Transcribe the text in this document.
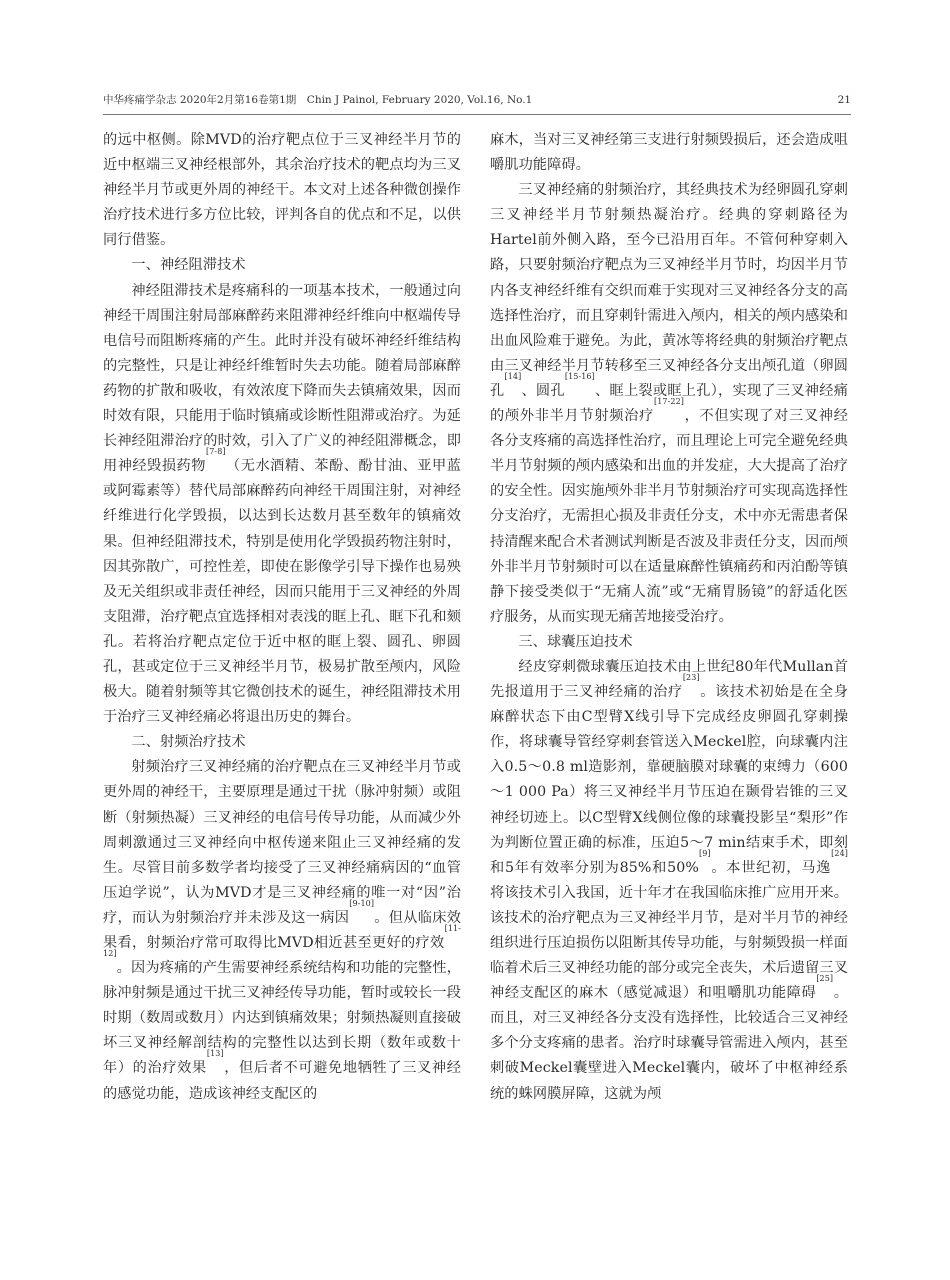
中华疼痛学杂志 2020年2月第16卷第1期　Chin J Painol, February 2020, Vol.16, No.1	21

的远中枢侧。除MVD的治疗靶点位于三叉神经半月节的近中枢端三叉神经根部外，其余治疗技术的靶点均为三叉神经半月节或更外周的神经干。本文对上述各种微创操作治疗技术进行多方位比较，评判各自的优点和不足，以供同行借鉴。

一、神经阻滞技术

神经阻滞技术是疼痛科的一项基本技术，一般通过向神经干周围注射局部麻醉药来阻滞神经纤维向中枢端传导电信号而阻断疼痛的产生。此时并没有破坏神经纤维结构的完整性，只是让神经纤维暂时失去功能。随着局部麻醉药物的扩散和吸收，有效浓度下降而失去镇痛效果，因而时效有限，只能用于临时镇痛或诊断性阻滞或治疗。为延长神经阻滞治疗的时效，引入了广义的神经阻滞概念，即用神经毁损药物[7-8]（无水酒精、苯酚、酚甘油、亚甲蓝或阿霉素等）替代局部麻醉药向神经干周围注射，对神经纤维进行化学毁损，以达到长达数月甚至数年的镇痛效果。但神经阻滞技术，特别是使用化学毁损药物注射时，因其弥散广，可控性差，即使在影像学引导下操作也易殃及无关组织或非责任神经，因而只能用于三叉神经的外周支阻滞，治疗靶点宜选择相对表浅的眶上孔、眶下孔和颏孔。若将治疗靶点定位于近中枢的眶上裂、圆孔、卵圆孔，甚或定位于三叉神经半月节，极易扩散至颅内，风险极大。随着射频等其它微创技术的诞生，神经阻滞技术用于治疗三叉神经痛必将退出历史的舞台。

二、射频治疗技术

射频治疗三叉神经痛的治疗靶点在三叉神经半月节或更外周的神经干，主要原理是通过干扰（脉冲射频）或阻断（射频热凝）三叉神经的电信号传导功能，从而减少外周刺激通过三叉神经向中枢传递来阻止三叉神经痛的发生。尽管目前多数学者均接受了三叉神经痛病因的“血管压迫学说”，认为MVD才是三叉神经痛的唯一对“因”治疗，而认为射频治疗并未涉及这一病因[9-10]。但从临床效果看，射频治疗常可取得比MVD相近甚至更好的疗效[11-12]。因为疼痛的产生需要神经系统结构和功能的完整性，脉冲射频是通过干扰三叉神经传导功能，暂时或较长一段时期（数周或数月）内达到镇痛效果；射频热凝则直接破坏三叉神经解剖结构的完整性以达到长期（数年或数十年）的治疗效果[13]，但后者不可避免地牺牲了三叉神经的感觉功能，造成该神经支配区的

麻木，当对三叉神经第三支进行射频毁损后，还会造成咀嚼肌功能障碍。

三叉神经痛的射频治疗，其经典技术为经卵圆孔穿刺三叉神经半月节射频热凝治疗。经典的穿刺路径为Hartel前外侧入路，至今已沿用百年。不管何种穿刺入路，只要射频治疗靶点为三叉神经半月节时，均因半月节内各支神经纤维有交织而难于实现对三叉神经各分支的高选择性治疗，而且穿刺针需进入颅内，相关的颅内感染和出血风险难于避免。为此，黄冰等将经典的射频治疗靶点由三叉神经半月节转移至三叉神经各分支出颅孔道（卵圆孔[14]、圆孔[15-16]、眶上裂或眶上孔），实现了三叉神经痛的颅外非半月节射频治疗[17-22]，不但实现了对三叉神经各分支疼痛的高选择性治疗，而且理论上可完全避免经典半月节射频的颅内感染和出血的并发症，大大提高了治疗的安全性。因实施颅外非半月节射频治疗可实现高选择性分支治疗，无需担心损及非责任分支，术中亦无需患者保持清醒来配合术者测试判断是否波及非责任分支，因而颅外非半月节射频时可以在适量麻醉性镇痛药和丙泊酚等镇静下接受类似于“无痛人流”或“无痛胃肠镜”的舒适化医疗服务，从而实现无痛苦地接受治疗。

三、球囊压迫技术

经皮穿刺微球囊压迫技术由上世纪80年代Mullan首先报道用于三叉神经痛的治疗[23]。该技术初始是在全身麻醉状态下由C型臂X线引导下完成经皮卵圆孔穿刺操作，将球囊导管经穿刺套管送入Meckel腔，向球囊内注入0.5～0.8 ml造影剂，靠硬脑膜对球囊的束缚力（600～1 000 Pa）将三叉神经半月节压迫在颞骨岩锥的三叉神经切迹上。以C型臂X线侧位像的球囊投影呈“梨形”作为判断位置正确的标准，压迫5～7 min结束手术，即刻和5年有效率分别为85%和50%[9]。本世纪初，马逸[24]将该技术引入我国，近十年才在我国临床推广应用开来。该技术的治疗靶点为三叉神经半月节，是对半月节的神经组织进行压迫损伤以阻断其传导功能，与射频毁损一样面临着术后三叉神经功能的部分或完全丧失，术后遗留三叉神经支配区的麻木（感觉减退）和咀嚼肌功能障碍[25]。而且，对三叉神经各分支没有选择性，比较适合三叉神经多个分支疼痛的患者。治疗时球囊导管需进入颅内，甚至刺破Meckel囊壁进入Meckel囊内，破坏了中枢神经系统的蛛网膜屏障，这就为颅
